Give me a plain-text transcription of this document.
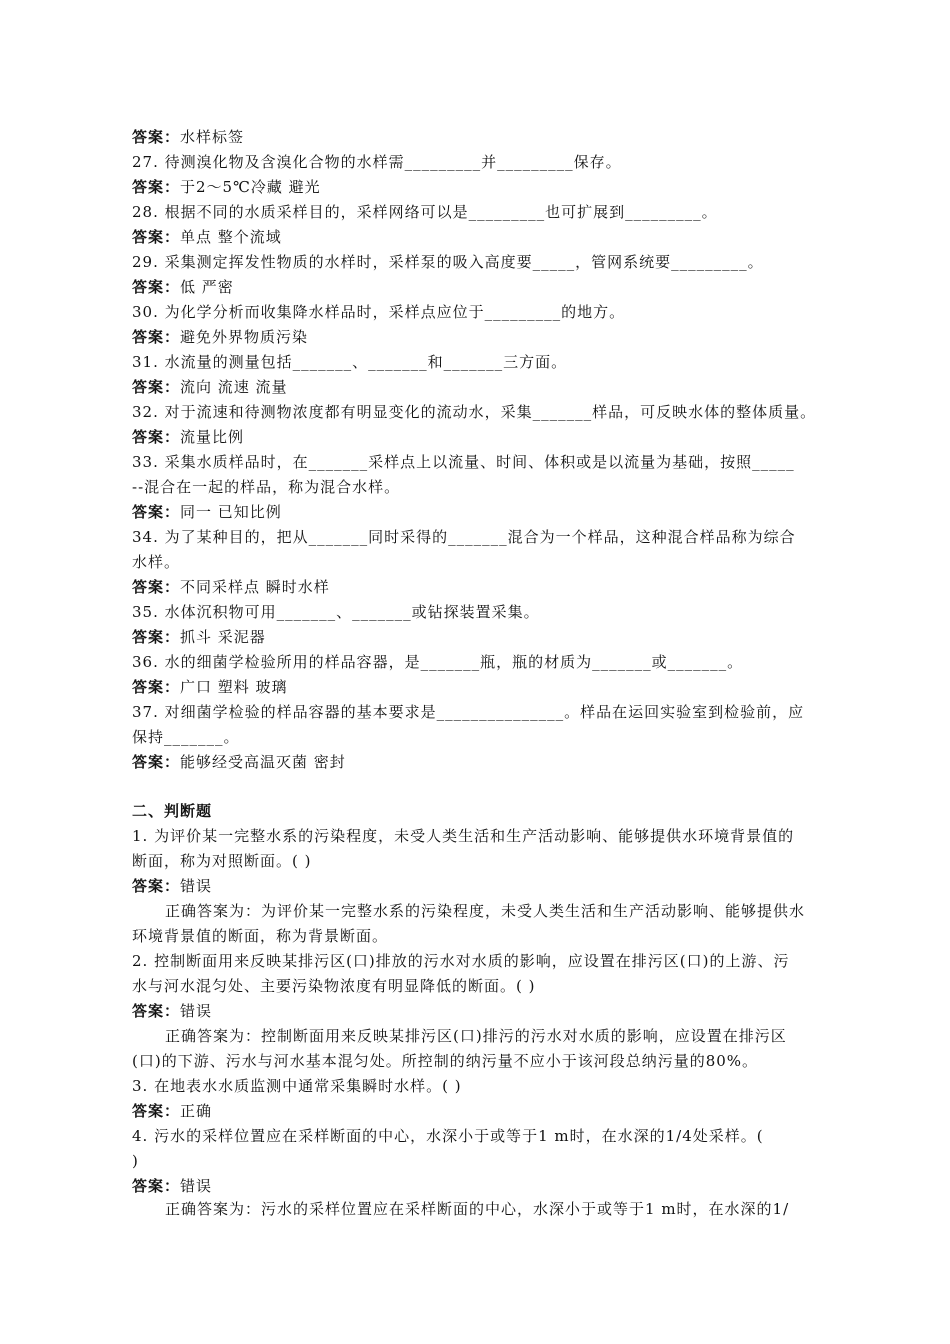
答案：水样标签
27. 待测溴化物及含溴化合物的水样需_________并_________保存。
答案：于2～5℃冷藏 避光
28. 根据不同的水质采样目的，采样网络可以是_________也可扩展到_________。
答案：单点 整个流域
29. 采集测定挥发性物质的水样时，采样泵的吸入高度要_____，管网系统要_________。
答案：低 严密
30. 为化学分析而收集降水样品时，采样点应位于_________的地方。
答案：避免外界物质污染
31. 水流量的测量包括_______、_______和_______三方面。
答案：流向 流速 流量
32. 对于流速和待测物浓度都有明显变化的流动水，采集_______样品，可反映水体的整体质量。
答案：流量比例
33. 采集水质样品时，在_______采样点上以流量、时间、体积或是以流量为基础，按照_____
--混合在一起的样品，称为混合水样。
答案：同一 已知比例
34. 为了某种目的，把从_______同时采得的_______混合为一个样品，这种混合样品称为综合
水样。
答案：不同采样点 瞬时水样
35. 水体沉积物可用_______、_______或钻探装置采集。
答案：抓斗 采泥器
36. 水的细菌学检验所用的样品容器，是_______瓶，瓶的材质为_______或_______。
答案：广口 塑料 玻璃
37. 对细菌学检验的样品容器的基本要求是_______________。样品在运回实验室到检验前，应
保持_______。
答案：能够经受高温灭菌 密封
二、判断题
1. 为评价某一完整水系的污染程度，未受人类生活和生产活动影响、能够提供水环境背景值的
断面，称为对照断面。( )
答案：错误
正确答案为：为评价某一完整水系的污染程度，未受人类生活和生产活动影响、能够提供水
环境背景值的断面，称为背景断面。
2. 控制断面用来反映某排污区(口)排放的污水对水质的影响，应设置在排污区(口)的上游、污
水与河水混匀处、主要污染物浓度有明显降低的断面。( )
答案：错误
正确答案为：控制断面用来反映某排污区(口)排污的污水对水质的影响，应设置在排污区
(口)的下游、污水与河水基本混匀处。所控制的纳污量不应小于该河段总纳污量的80%。
3. 在地表水水质监测中通常采集瞬时水样。( )
答案：正确
4. 污水的采样位置应在采样断面的中心，水深小于或等于1 m时，在水深的1/4处采样。(
)
答案：错误
正确答案为：污水的采样位置应在采样断面的中心，水深小于或等于1 m时，在水深的1/
